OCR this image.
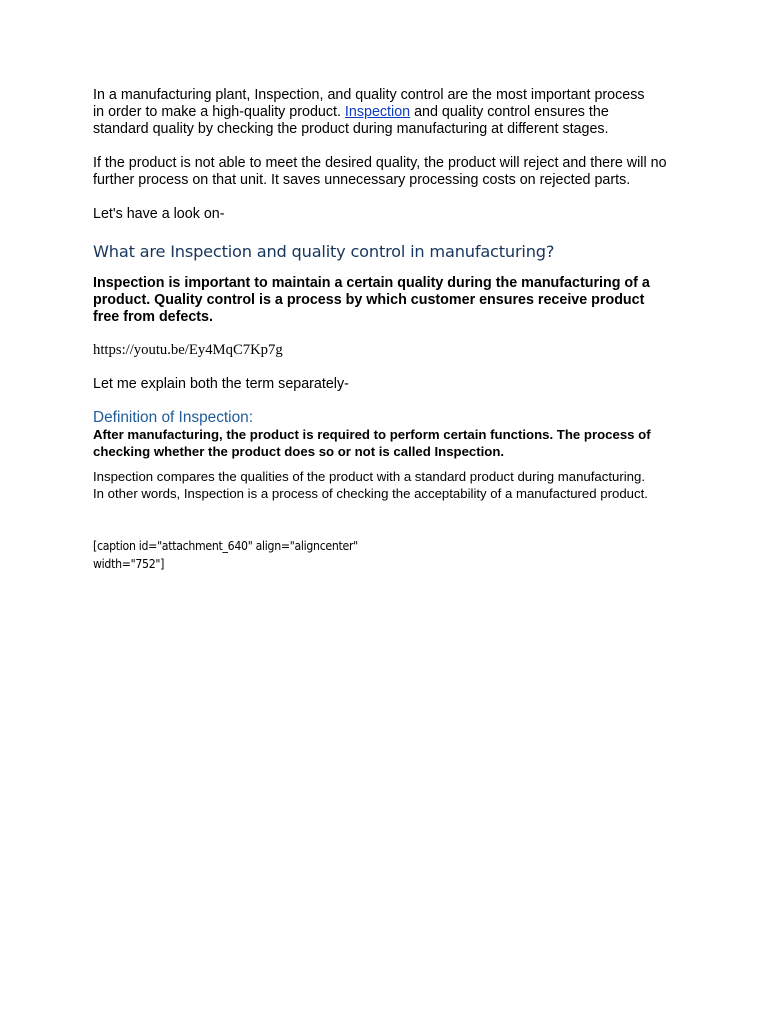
In a manufacturing plant, Inspection, and quality control are the most important process in order to make a high-quality product. Inspection and quality control ensures the standard quality by checking the product during manufacturing at different stages.

If the product is not able to meet the desired quality, the product will reject and there will no further process on that unit. It saves unnecessary processing costs on rejected parts.

Let's have a look on-

What are Inspection and quality control in manufacturing?

Inspection is important to maintain a certain quality during the manufacturing of a product. Quality control is a process by which customer ensures receive product free from defects.

https://youtu.be/Ey4MqC7Kp7g

Let me explain both the term separately-

Definition of Inspection:

After manufacturing, the product is required to perform certain functions. The process of checking whether the product does so or not is called Inspection.

Inspection compares the qualities of the product with a standard product during manufacturing. In other words, Inspection is a process of checking the acceptability of a manufactured product.

[caption id="attachment_640" align="aligncenter" width="752"]
